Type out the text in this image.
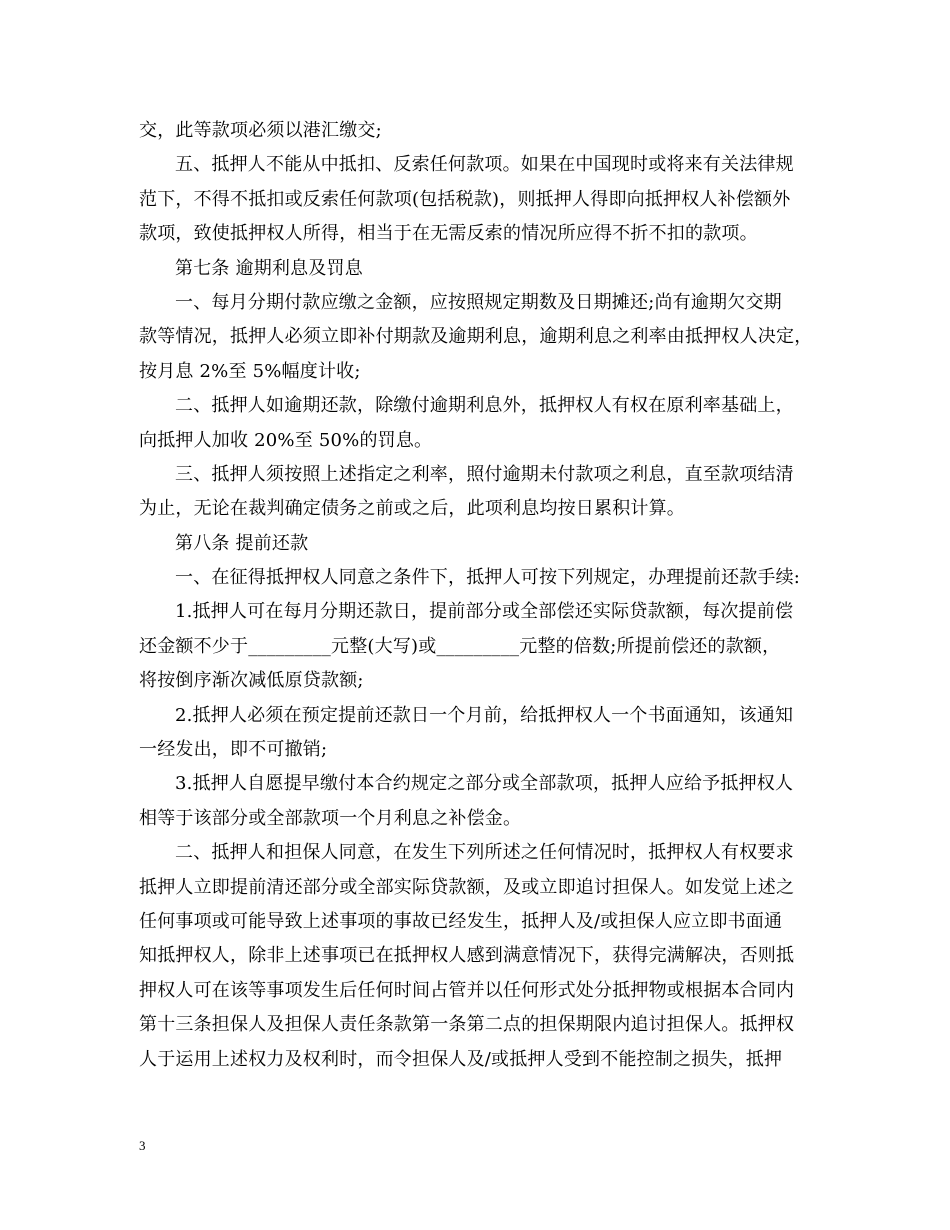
交，此等款项必须以港汇缴交;
五、抵押人不能从中抵扣、反索任何款项。如果在中国现时或将来有关法律规
范下，不得不抵扣或反索任何款项(包括税款)，则抵押人得即向抵押权人补偿额外
款项，致使抵押权人所得，相当于在无需反索的情况所应得不折不扣的款项。
第七条 逾期利息及罚息
一、每月分期付款应缴之金额，应按照规定期数及日期摊还;尚有逾期欠交期
款等情况，抵押人必须立即补付期款及逾期利息，逾期利息之利率由抵押权人决定，
按月息 2%至 5%幅度计收;
二、抵押人如逾期还款，除缴付逾期利息外，抵押权人有权在原利率基础上，
向抵押人加收 20%至 50%的罚息。
三、抵押人须按照上述指定之利率，照付逾期未付款项之利息，直至款项结清
为止，无论在裁判确定债务之前或之后，此项利息均按日累积计算。
第八条 提前还款
一、在征得抵押权人同意之条件下，抵押人可按下列规定，办理提前还款手续:
1.抵押人可在每月分期还款日，提前部分或全部偿还实际贷款额，每次提前偿
还金额不少于_________元整(大写)或_________元整的倍数;所提前偿还的款额，
将按倒序渐次减低原贷款额;
2.抵押人必须在预定提前还款日一个月前，给抵押权人一个书面通知，该通知
一经发出，即不可撤销;
3.抵押人自愿提早缴付本合约规定之部分或全部款项，抵押人应给予抵押权人
相等于该部分或全部款项一个月利息之补偿金。
二、抵押人和担保人同意，在发生下列所述之任何情况时，抵押权人有权要求
抵押人立即提前清还部分或全部实际贷款额，及或立即追讨担保人。如发觉上述之
任何事项或可能导致上述事项的事故已经发生，抵押人及/或担保人应立即书面通
知抵押权人，除非上述事项已在抵押权人感到满意情况下，获得完满解决，否则抵
押权人可在该等事项发生后任何时间占管并以任何形式处分抵押物或根据本合同内
第十三条担保人及担保人责任条款第一条第二点的担保期限内追讨担保人。抵押权
人于运用上述权力及权利时，而令担保人及/或抵押人受到不能控制之损失，抵押
3
